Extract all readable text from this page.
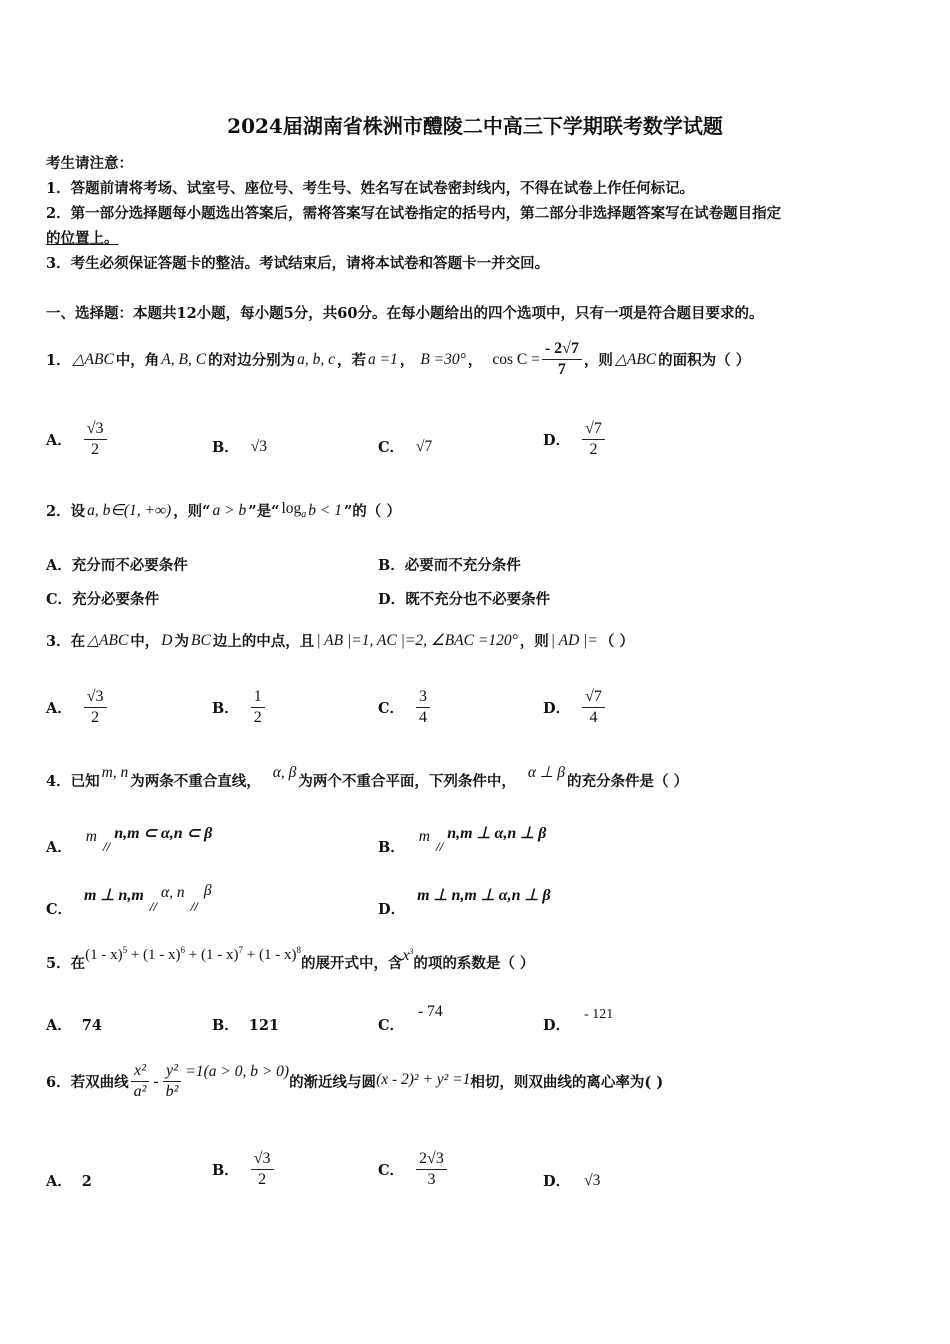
2024届湖南省株洲市醴陵二中高三下学期联考数学试题
考生请注意：
1．答题前请将考场、试室号、座位号、考生号、姓名写在试卷密封线内，不得在试卷上作任何标记。
2．第一部分选择题每小题选出答案后，需将答案写在试卷指定的括号内，第二部分非选择题答案写在试卷题目指定
的位置上。
3．考生必须保证答题卡的整洁。考试结束后，请将本试卷和答题卡一并交回。
一、选择题：本题共12小题，每小题5分，共60分。在每小题给出的四个选项中，只有一项是符合题目要求的。
1． △ABC 中，角 A, B, C 的对边分别为 a, b, c ，若 a =1 ， B =30° ， $\cos C = \frac{- 2√7}{7}$ ，则 △ABC 的面积为（ ）
A． $\frac{√3}{2}$	B． √3	C． √7	D． $\frac{√7}{2}$
2．设 a, b∈(1, +∞) ，则“ a > b ”是“ $\log_a b < 1$ ”的（ ）
A．充分而不必要条件	B．必要而不充分条件
C．充分必要条件	D．既不充分也不必要条件
3．在 △ABC 中， D 为 BC 边上的中点，且 | AB |=1, AC |=2, ∠BAC =120° ，则 | AD |= （ ）
A． $\frac{√3}{2}$	B． $\frac{1}{2}$	C． $\frac{3}{4}$	D． $\frac{√7}{4}$
4．已知
m, n
为两条不重合直线，
α, β
为两个不重合平面，下列条件中，
α ⊥ β
的充分条件是（ ）
A．
m
//
n,m ⊂ α,n ⊂ β
B．
m
//
n,m ⊥ α,n ⊥ β
C．
m ⊥ n,m
//
α, n
//
β
D．
m ⊥ n,m ⊥ α,n ⊥ β
5．在 (1 - x)$^5$ + (1 - x)$^6$ + (1 - x)$^7$ + (1 - x)$^8$
的展开式中，含 $x^3$
的项的系数是（ ）
A． 74	B． 121	C．- 74
D．- 121
6．若双曲线 $\frac{\text{x²}}{\text{a²}} - \frac{\text{y²}}{\text{b²}} =1(a > 0$, b > 0)
的渐近线与圆 (x - 2)² + y² =1 相切，则双曲线的离心率为( )
A． 2
B． $\frac{√3}{2}$	C． $\frac{2√3}{3}$	D． √3
